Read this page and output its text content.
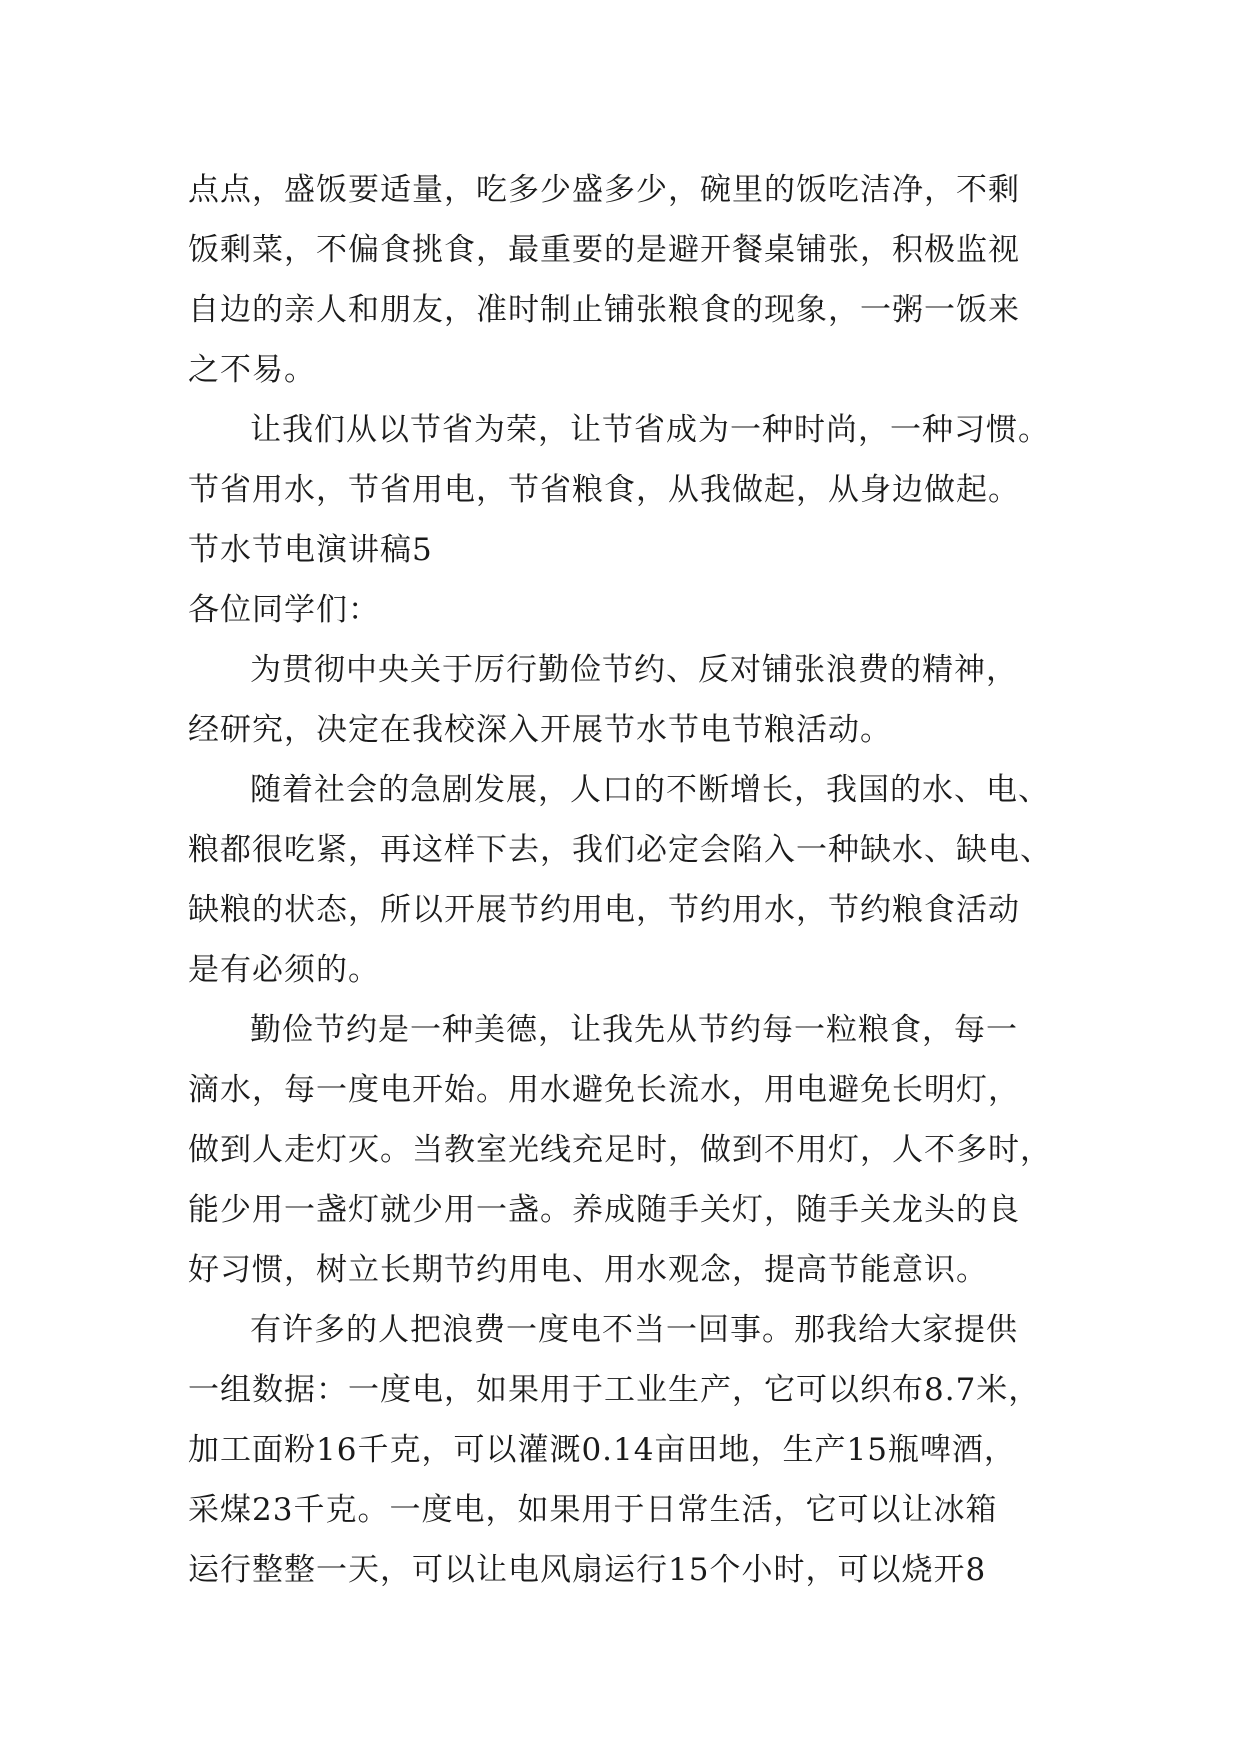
点点，盛饭要适量，吃多少盛多少，碗里的饭吃洁净，不剩
饭剩菜，不偏食挑食，最重要的是避开餐桌铺张，积极监视
自边的亲人和朋友，准时制止铺张粮食的现象，一粥一饭来
之不易。
让我们从以节省为荣，让节省成为一种时尚，一种习惯。
节省用水，节省用电，节省粮食，从我做起，从身边做起。
节水节电演讲稿5
各位同学们：
为贯彻中央关于厉行勤俭节约、反对铺张浪费的精神，
经研究，决定在我校深入开展节水节电节粮活动。
随着社会的急剧发展，人口的不断增长，我国的水、电、
粮都很吃紧，再这样下去，我们必定会陷入一种缺水、缺电、
缺粮的状态，所以开展节约用电，节约用水，节约粮食活动
是有必须的。
勤俭节约是一种美德，让我先从节约每一粒粮食，每一
滴水，每一度电开始。用水避免长流水，用电避免长明灯，
做到人走灯灭。当教室光线充足时，做到不用灯，人不多时，
能少用一盏灯就少用一盏。养成随手关灯，随手关龙头的良
好习惯，树立长期节约用电、用水观念，提高节能意识。
有许多的人把浪费一度电不当一回事。那我给大家提供
一组数据：一度电，如果用于工业生产，它可以织布8.7米，
加工面粉16千克，可以灌溉0.14亩田地，生产15瓶啤酒，
采煤23千克。一度电，如果用于日常生活，它可以让冰箱
运行整整一天，可以让电风扇运行15个小时，可以烧开8
